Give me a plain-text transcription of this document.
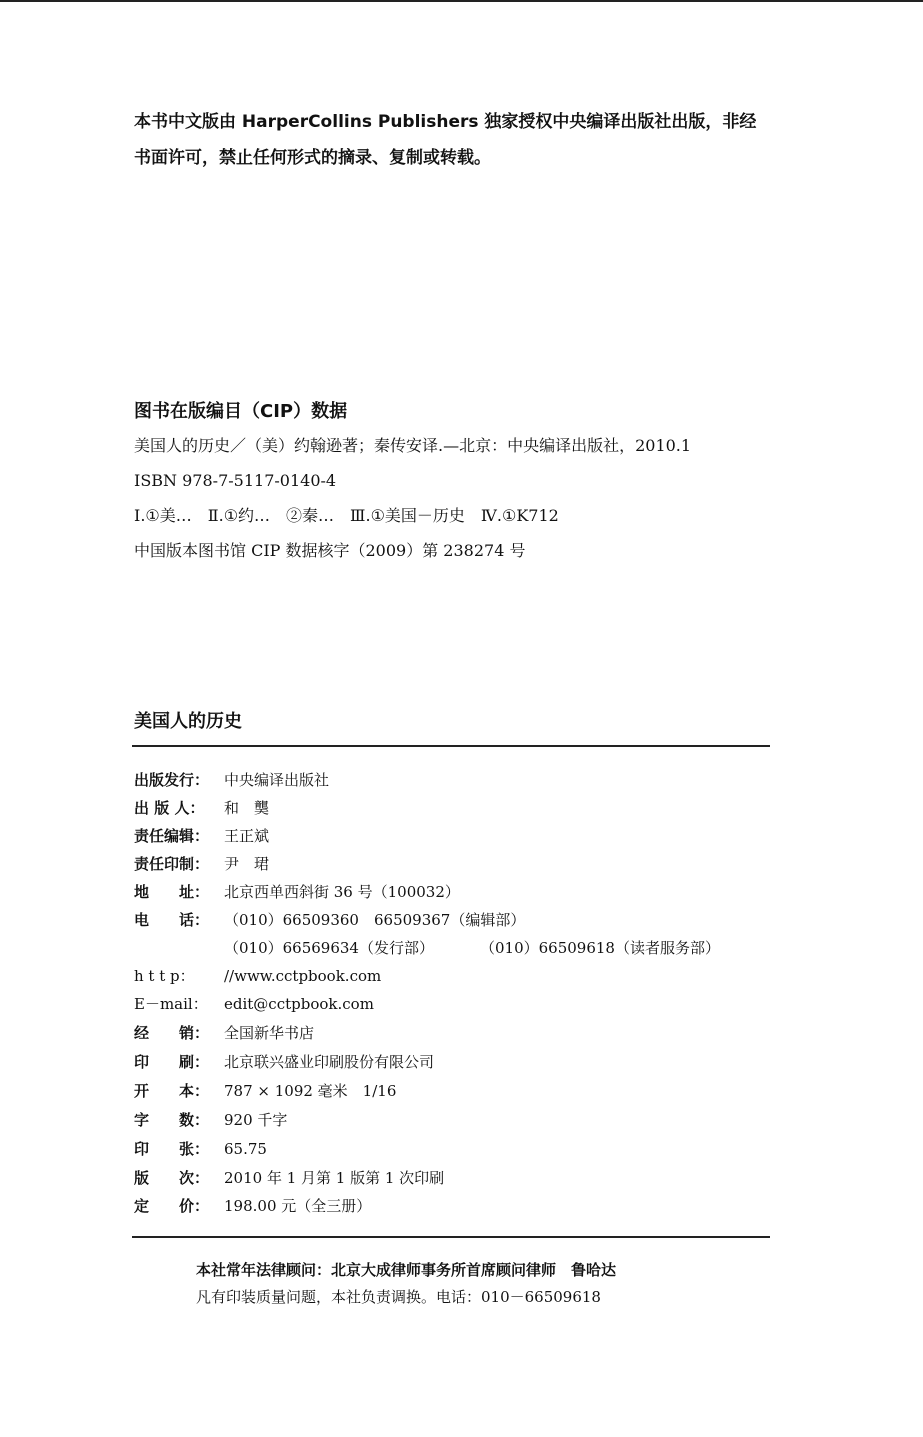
本书中文版由 HarperCollins Publishers 独家授权中央编译出版社出版，非经
书面许可，禁止任何形式的摘录、复制或转载。
图书在版编目（CIP）数据
美国人的历史／（美）约翰逊著；秦传安译.—北京：中央编译出版社，2010.1
ISBN 978-7-5117-0140-4
Ⅰ.①美…　Ⅱ.①约…　②秦…　Ⅲ.①美国－历史　Ⅳ.①K712
中国版本图书馆 CIP 数据核字（2009）第 238274 号
美国人的历史
出版发行： 中央编译出版社
出 版 人： 和　龑
责任编辑： 王正斌
责任印制： 尹　珺
地　　址： 北京西单西斜街 36 号（100032）
电　　话： （010）66509360　66509367（编辑部）
（010）66569634（发行部）	（010）66509618（读者服务部）
h t t p： //www.cctpbook.com
E－mail： edit@cctpbook.com
经　　销： 全国新华书店
印　　刷： 北京联兴盛业印刷股份有限公司
开　　本： 787 × 1092 毫米　1/16
字　　数： 920 千字
印　　张： 65.75
版　　次： 2010 年 1 月第 1 版第 1 次印刷
定　　价： 198.00 元（全三册）
本社常年法律顾问：北京大成律师事务所首席顾问律师　鲁哈达
凡有印装质量问题，本社负责调换。电话：010－66509618
